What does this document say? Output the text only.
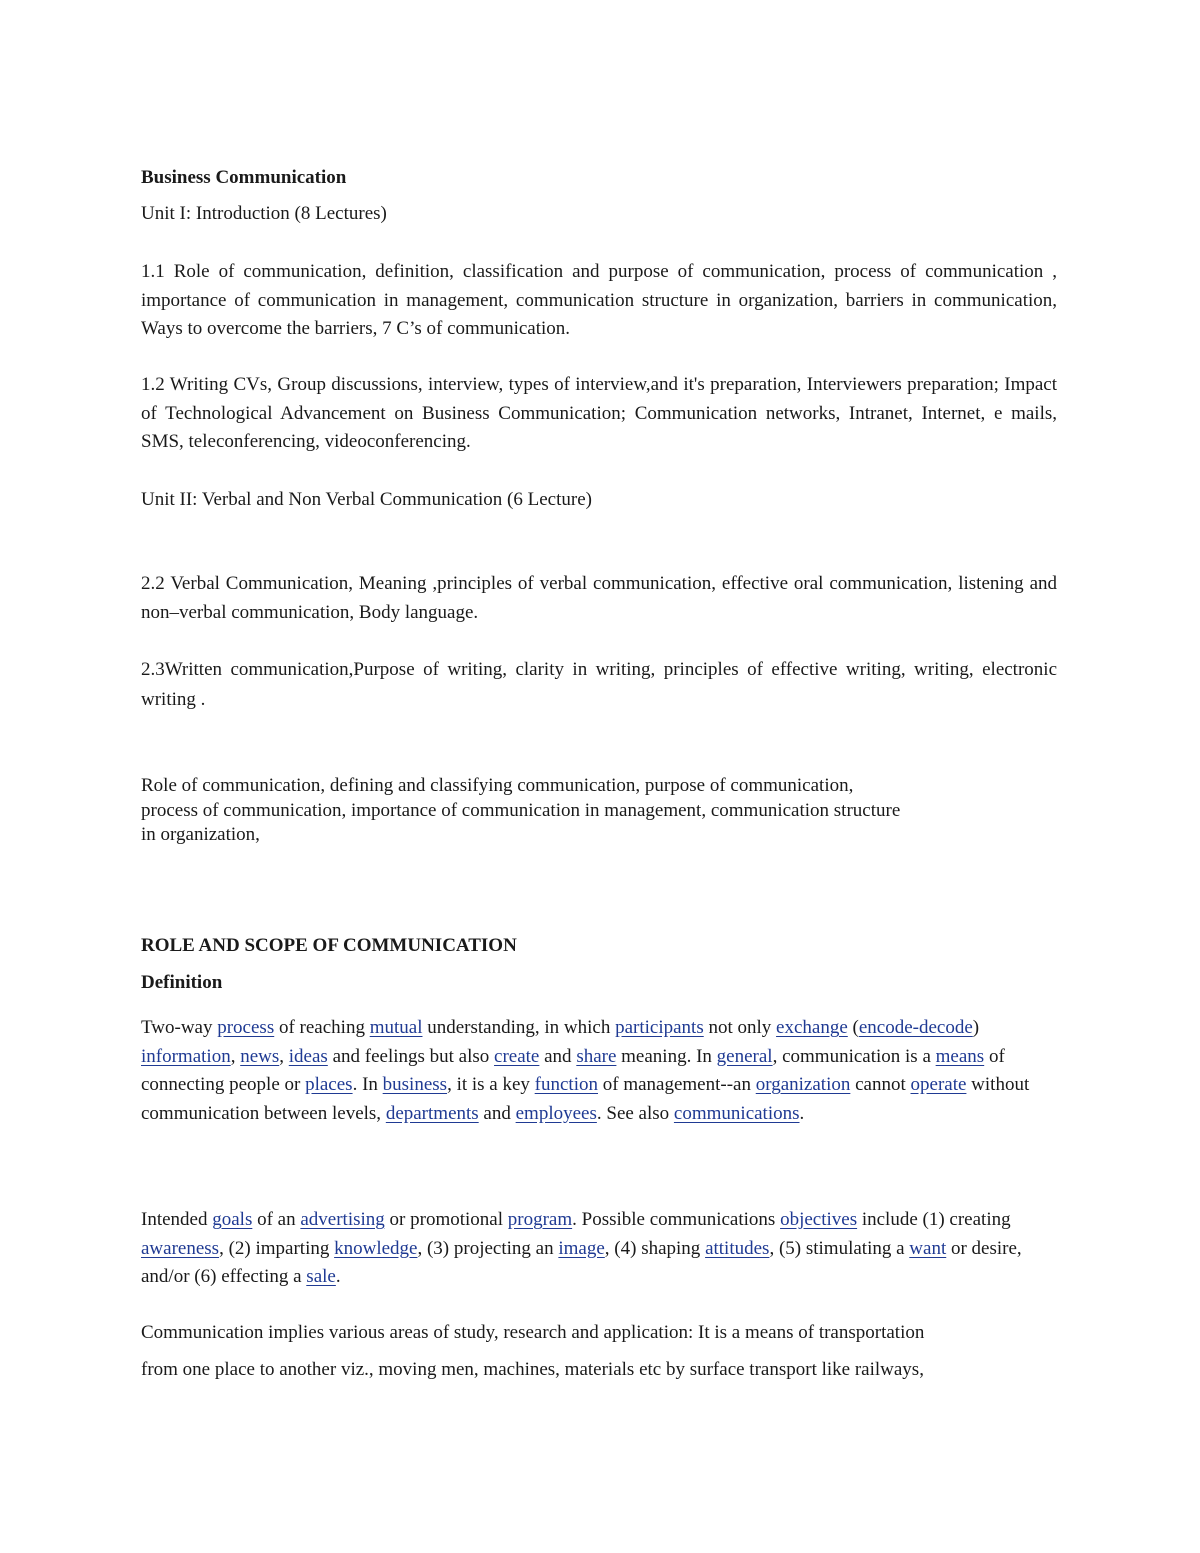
Business Communication

Unit I: Introduction (8 Lectures)

1.1 Role of communication, definition, classification and purpose of communication, process of communication , importance of communication in management, communication structure in organization, barriers in communication, Ways to overcome the barriers, 7 C’s of communication.

1.2 Writing CVs, Group discussions, interview, types of interview,and it's preparation, Interviewers preparation; Impact of Technological Advancement on Business Communication; Communication networks, Intranet, Internet, e mails, SMS, teleconferencing, videoconferencing.

Unit II: Verbal and Non Verbal Communication (6 Lecture)

2.2 Verbal Communication, Meaning ,principles of verbal communication, effective oral communication, listening and non–verbal communication, Body language.

2.3Written communication,Purpose of writing, clarity in writing, principles of effective writing, writing, electronic writing .

Role of communication, defining and classifying communication, purpose of communication,
process of communication, importance of communication in management, communication structure
in organization,

ROLE AND SCOPE OF COMMUNICATION

Definition

Two-way process of reaching mutual understanding, in which participants not only exchange (encode-decode) information, news, ideas and feelings but also create and share meaning. In general, communication is a means of connecting people or places. In business, it is a key function of management--an organization cannot operate without communication between levels, departments and employees. See also communications.

Intended goals of an advertising or promotional program. Possible communications objectives include (1) creating awareness, (2) imparting knowledge, (3) projecting an image, (4) shaping attitudes, (5) stimulating a want or desire, and/or (6) effecting a sale.

Communication implies various areas of study, research and application: It is a means of transportation
from one place to another viz., moving men, machines, materials etc by surface transport like railways,
